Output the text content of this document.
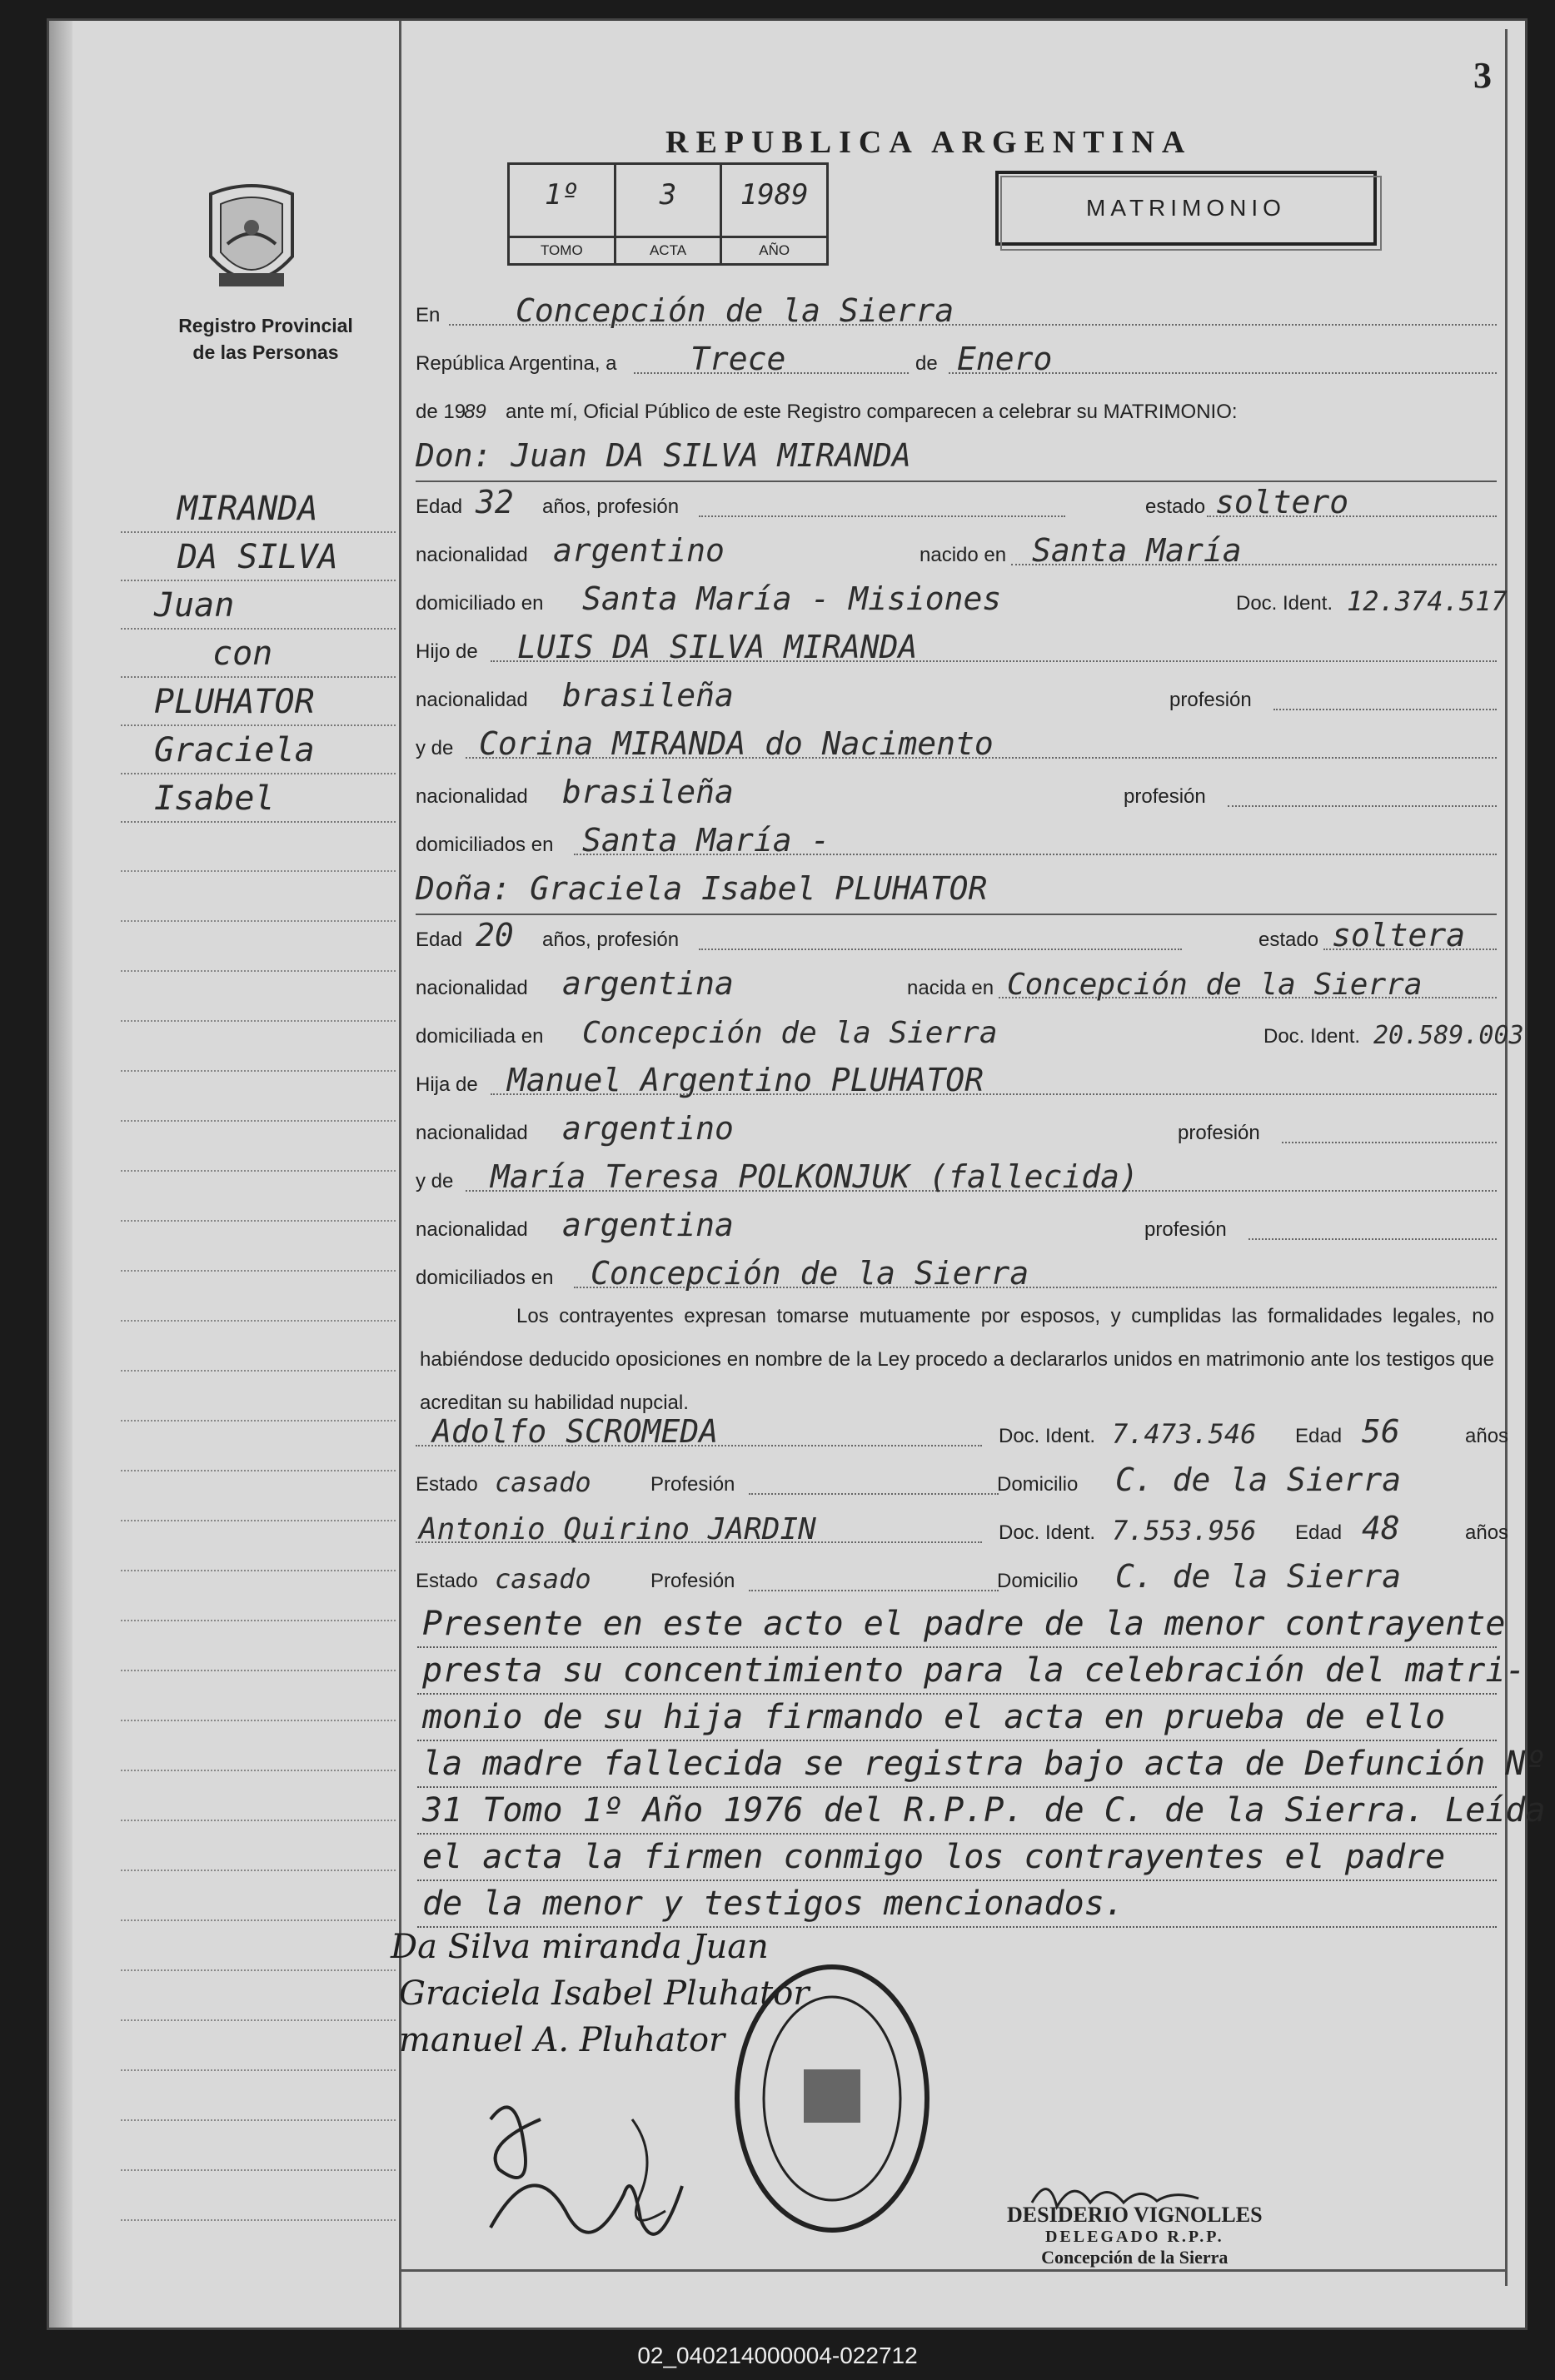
3
REPUBLICA ARGENTINA
Registro Provincial
de las Personas
1º
TOMO
3
ACTA
1989
AÑO
MATRIMONIO
MIRANDA
DA SILVA
Juan
con
PLUHATOR
Graciela
Isabel
En Concepción de la Sierra
República Argentina, a Trece	de Enero
de 19
89 ante mí, Oficial Público de este Registro comparecen a celebrar su MATRIMONIO:
Don: Juan DA SILVA MIRANDA
Edad 32 años, profesión	estado soltero
nacionalidad argentino	nacido en Santa María
domiciliado en Santa María - Misiones	Doc. Ident. 12.374.517
Hijo de LUIS DA SILVA MIRANDA
nacionalidad brasileña	profesión
y de Corina MIRANDA do Nacimento
nacionalidad brasileña	profesión
domiciliados en Santa María -
Doña: Graciela Isabel PLUHATOR
Edad 20 años, profesión	estado soltera
nacionalidad argentina	nacida en Concepción de la Sierra
domiciliada en Concepción de la Sierra	Doc. Ident. 20.589.003
Hija de Manuel Argentino PLUHATOR
nacionalidad argentino	profesión
y de María Teresa POLKONJUK (fallecida)
nacionalidad argentina	profesión
domiciliados en Concepción de la Sierra
Los contrayentes expresan tomarse mutuamente por esposos, y cumplidas las formalidades legales, no habiéndose deducido oposiciones en nombre de la Ley procedo a declararlos unidos en matrimonio ante los testigos que acreditan su habilidad nupcial.
Adolfo SCROMEDA	Doc. Ident. 7.473.546 Edad 56	años
Estado casado	Profesión	Domicilio C. de la Sierra
Antonio Quirino JARDIN	Doc. Ident. 7.553.956 Edad 48	años
Estado casado	Profesión	Domicilio C. de la Sierra
Presente en este acto el padre de la menor contrayente
presta su concentimiento para la celebración del matri-
monio de su hija firmando el acta en prueba de ello
la madre fallecida se registra bajo acta de Defunción Nº
31 Tomo 1º Año 1976 del R.P.P. de C. de la Sierra. Leída
el acta la firmen conmigo los contrayentes el padre
de la menor y testigos mencionados.
Da Silva miranda Juan
Graciela Isabel Pluhator
manuel A. Pluhator
DESIDERIO VIGNOLLES
DELEGADO R.P.P.
Concepción de la Sierra
02_040214000004-022712
